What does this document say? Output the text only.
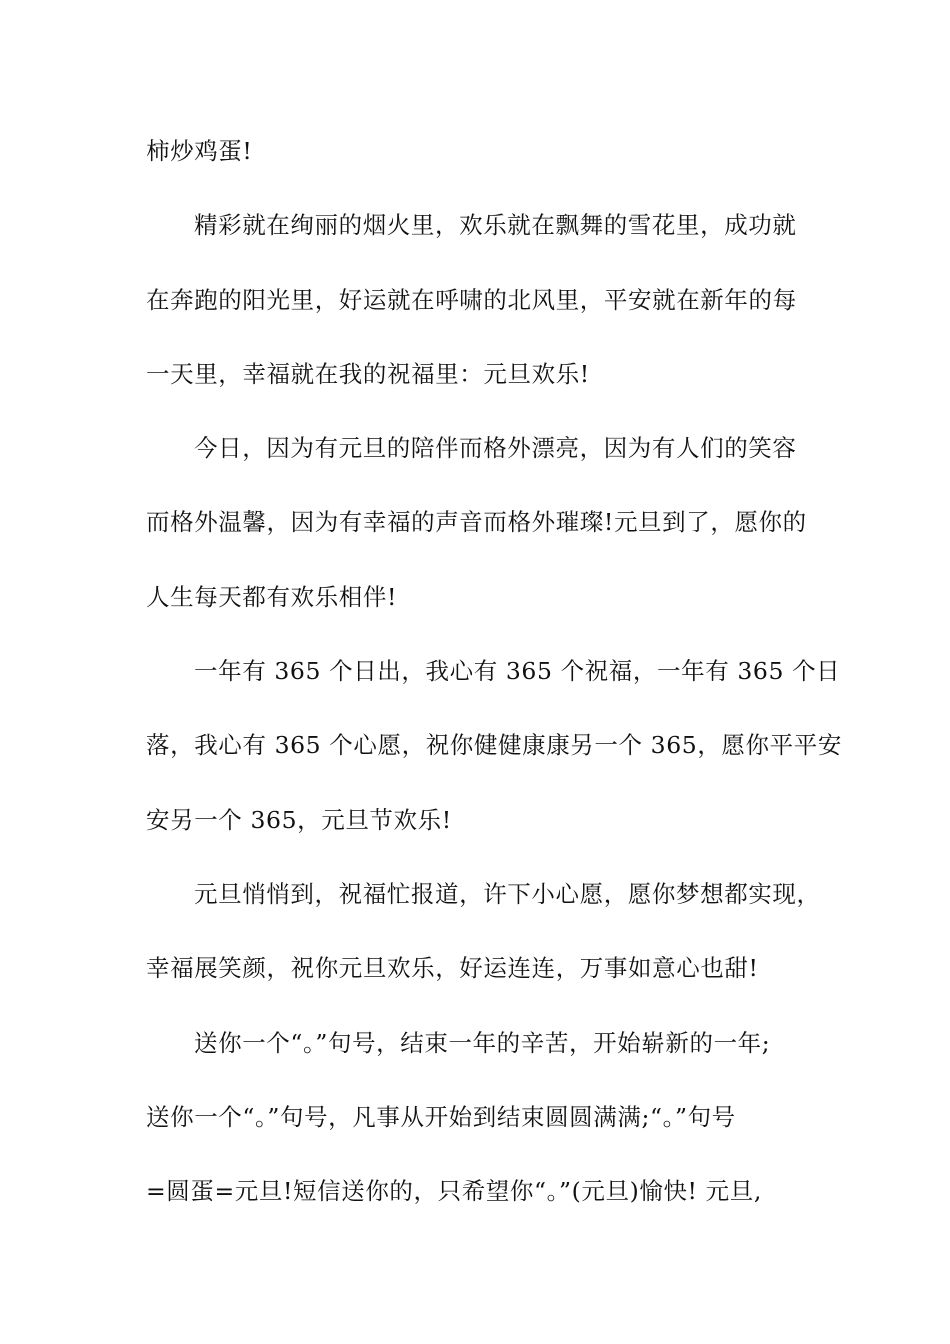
柿炒鸡蛋!
精彩就在绚丽的烟火里，欢乐就在飘舞的雪花里，成功就
在奔跑的阳光里，好运就在呼啸的北风里，平安就在新年的每
一天里，幸福就在我的祝福里：元旦欢乐!
今日，因为有元旦的陪伴而格外漂亮，因为有人们的笑容
而格外温馨，因为有幸福的声音而格外璀璨!元旦到了，愿你的
人生每天都有欢乐相伴!
一年有 365 个日出，我心有 365 个祝福，一年有 365 个日
落，我心有 365 个心愿，祝你健健康康另一个 365，愿你平平安
安另一个 365，元旦节欢乐!
元旦悄悄到，祝福忙报道，许下小心愿，愿你梦想都实现，
幸福展笑颜，祝你元旦欢乐，好运连连，万事如意心也甜!
送你一个“。”句号，结束一年的辛苦，开始崭新的一年;
送你一个“。”句号，凡事从开始到结束圆圆满满;“。”句号
=圆蛋=元旦!短信送你的，只希望你“。”(元旦)愉快! 元旦,
